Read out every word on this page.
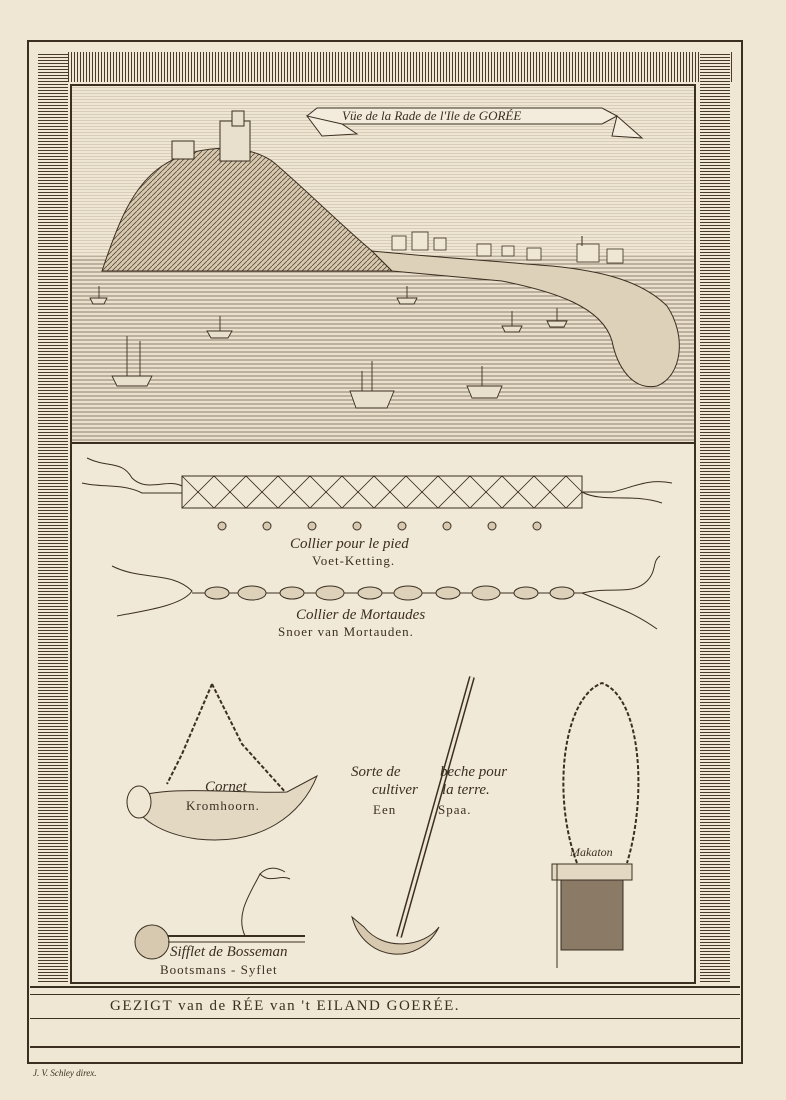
Vüe de la Rade de l'Ile de GORÉE
Collier pour le pied
Voet-Ketting.
Collier de Mortaudes
Snoer van Mortauden.
Cornet
Kromhoorn.
Sorte de	beche pour
cultiver la terre.
Een	Spaa.
Makaton
Sifflet de Bosseman
Bootsmans - Syflet
GEZIGT van de RÉE van 't EILAND GOERÉE.
J. V. Schley direx.
